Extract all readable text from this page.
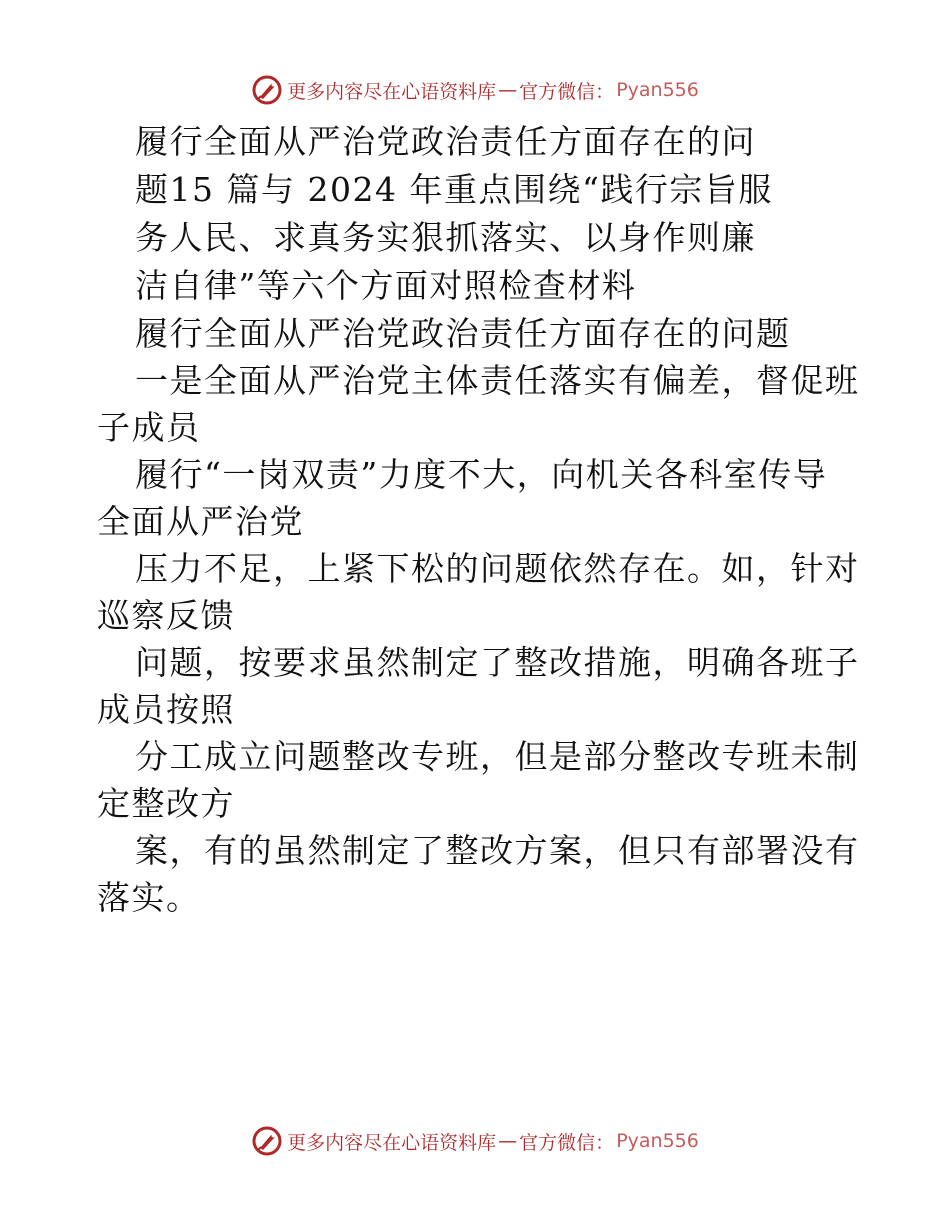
更多内容尽在心语资料库 — 官方微信： Pyan556
履行全面从严治党政治责任方面存在的问
题15 篇与 2024 年重点围绕“践行宗旨服
务人民、求真务实狠抓落实、以身作则廉
洁自律”等六个方面对照检查材料
履行全面从严治党政治责任方面存在的问题
一是全面从严治党主体责任落实有偏差，督促班
子成员
履行“一岗双责”力度不大，向机关各科室传导
全面从严治党
压力不足，上紧下松的问题依然存在。如，针对
巡察反馈
问题，按要求虽然制定了整改措施，明确各班子
成员按照
分工成立问题整改专班，但是部分整改专班未制
定整改方
案，有的虽然制定了整改方案，但只有部署没有
落实。
更多内容尽在心语资料库 — 官方微信： Pyan556
